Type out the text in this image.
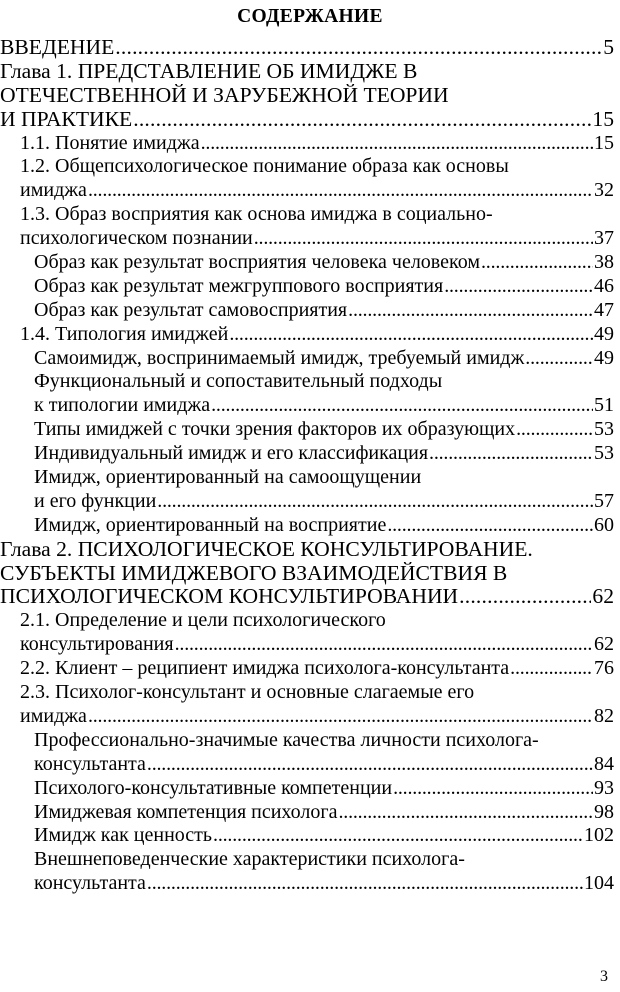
СОДЕРЖАНИЕ
ВВЕДЕНИЕ . . .	5
Глава 1. ПРЕДСТАВЛЕНИЕ ОБ ИМИДЖЕ В
ОТЕЧЕСТВЕННОЙ И ЗАРУБЕЖНОЙ ТЕОРИИ
И ПРАКТИКЕ . . .	15
1.1. Понятие имиджа . . .	15
1.2. Общепсихологическое понимание образа как основы
имиджа . . .	32
1.3. Образ восприятия как основа имиджа в социально-
психологическом познании . . .	37
Образ как результат восприятия человека человеком . . .	38
Образ как результат межгруппового восприятия . . .	46
Образ как результат самовосприятия . . .	47
1.4. Типология имиджей . . .	49
Самоимидж, воспринимаемый имидж, требуемый имидж . . .	49
Функциональный и сопоставительный подходы
к типологии имиджа . . .	51
Типы имиджей с точки зрения факторов их образующих . . .	53
Индивидуальный имидж и его классификация . . .	53
Имидж, ориентированный на самоощущении
и его функции . . .	57
Имидж, ориентированный на восприятие . . .	60
Глава 2. ПСИХОЛОГИЧЕСКОЕ КОНСУЛЬТИРОВАНИЕ.
СУБЪЕКТЫ ИМИДЖЕВОГО ВЗАИМОДЕЙСТВИЯ В
ПСИХОЛОГИЧЕСКОМ КОНСУЛЬТИРОВАНИИ . . .	62
2.1. Определение и цели психологического
консультирования . . .	62
2.2. Клиент – реципиент имиджа психолога-консультанта . . .	76
2.3. Психолог-консультант и основные слагаемые его
имиджа . . .	82
Профессионально-значимые качества личности психолога-
консультанта . . .	84
Психолого-консультативные компетенции . . .	93
Имиджевая компетенция психолога . . .	98
Имидж как ценность . . .	102
Внешнеповеденческие характеристики психолога-
консультанта . . .	104
3
